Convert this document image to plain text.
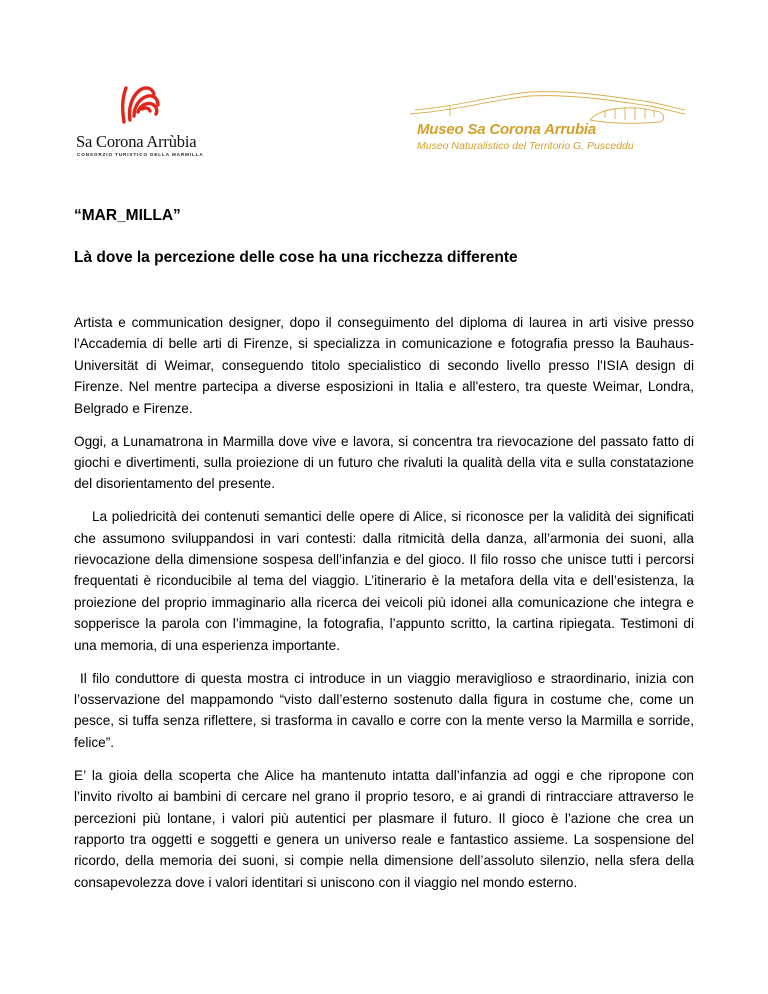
Sa Corona Arrùbia
CONSORZIO TURISTICO DELLA MARMILLA
Museo Sa Corona Arrubia
Museo Naturalistico del Territorio G. Pusceddu
“MAR_MILLA”
Là dove la percezione delle cose ha una ricchezza differente

Artista e communication designer, dopo il conseguimento del diploma di laurea in arti visive presso l'Accademia di belle arti di Firenze, si specializza in comunicazione e fotografia presso la Bauhaus-Universität di Weimar, conseguendo titolo specialistico di secondo livello presso l'ISIA design di Firenze. Nel mentre partecipa a diverse esposizioni in Italia e all'estero, tra queste Weimar, Londra, Belgrado e Firenze.

Oggi, a Lunamatrona in Marmilla dove vive e lavora, si concentra tra rievocazione del passato fatto di giochi e divertimenti, sulla proiezione di un futuro che rivaluti la qualità della vita e sulla constatazione del disorientamento del presente.

La poliedricità dei contenuti semantici delle opere di Alice, si riconosce per la validità dei significati che assumono sviluppandosi in vari contesti: dalla ritmicità della danza, all’armonia dei suoni, alla rievocazione della dimensione sospesa dell’infanzia e del gioco. Il filo rosso che unisce tutti i percorsi frequentati è riconducibile al tema del viaggio. L’itinerario è la metafora della vita e dell’esistenza, la proiezione del proprio immaginario alla ricerca dei veicoli più idonei alla comunicazione che integra e sopperisce la parola con l’immagine, la fotografia, l’appunto scritto, la cartina ripiegata. Testimoni di una memoria, di una esperienza importante.

Il filo conduttore di questa mostra ci introduce in un viaggio meraviglioso e straordinario, inizia con l’osservazione del mappamondo “visto dall’esterno sostenuto dalla figura in costume che, come un pesce, si tuffa senza riflettere, si trasforma in cavallo e corre con la mente verso la Marmilla e sorride, felice”.

E’ la gioia della scoperta che Alice ha mantenuto intatta dall’infanzia ad oggi e che ripropone con l’invito rivolto ai bambini di cercare nel grano il proprio tesoro, e ai grandi di rintracciare attraverso le percezioni più lontane, i valori più autentici per plasmare il futuro. Il gioco è l’azione che crea un rapporto tra oggetti e soggetti e genera un universo reale e fantastico assieme. La sospensione del ricordo, della memoria dei suoni, si compie nella dimensione dell’assoluto silenzio, nella sfera della consapevolezza dove i valori identitari si uniscono con il viaggio nel mondo esterno.
